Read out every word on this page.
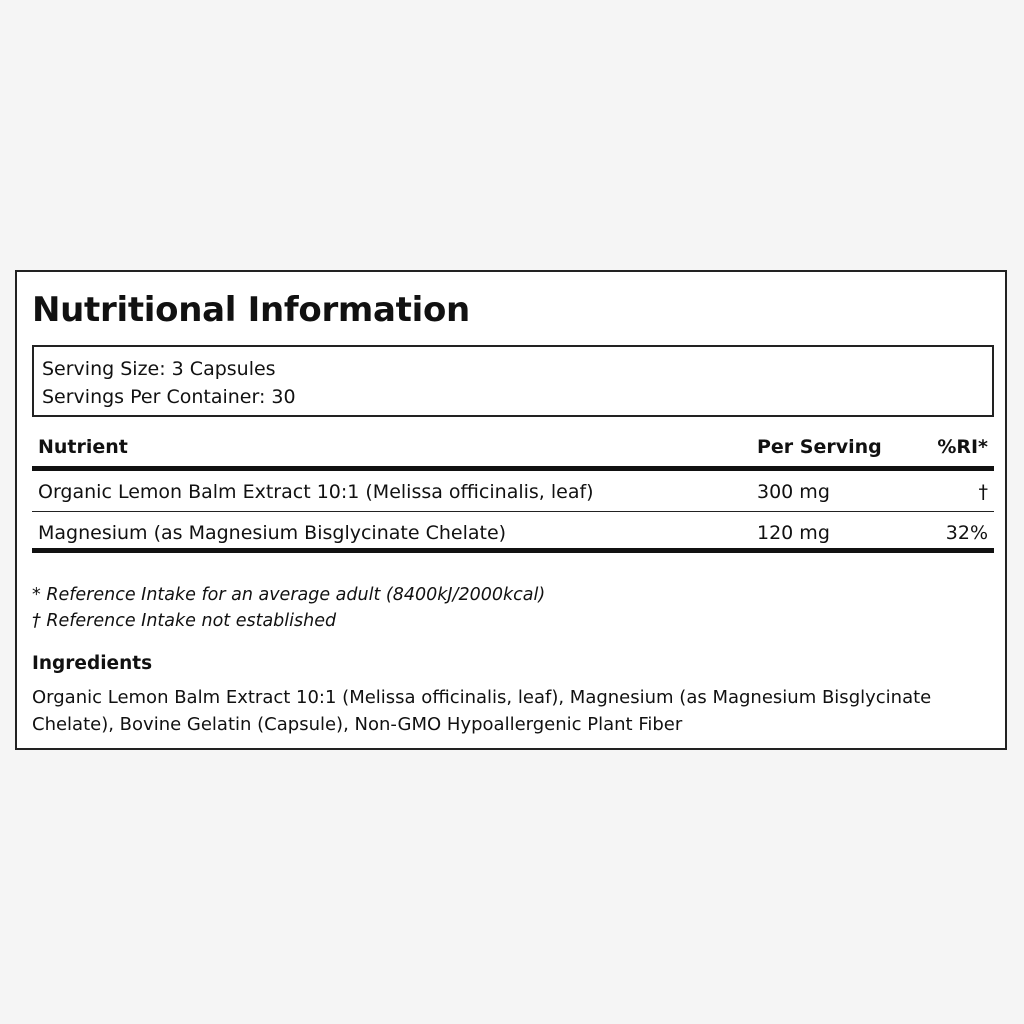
Nutritional Information
Serving Size: 3 Capsules
Servings Per Container: 30
Nutrient	Per Serving	%RI*
Organic Lemon Balm Extract 10:1 (Melissa officinalis, leaf)	300 mg	†
Magnesium (as Magnesium Bisglycinate Chelate)	120 mg	32%
* Reference Intake for an average adult (8400kJ/2000kcal)
† Reference Intake not established
Ingredients

Organic Lemon Balm Extract 10:1 (Melissa officinalis, leaf), Magnesium (as Magnesium Bisglycinate Chelate), Bovine Gelatin (Capsule), Non-GMO Hypoallergenic Plant Fiber
